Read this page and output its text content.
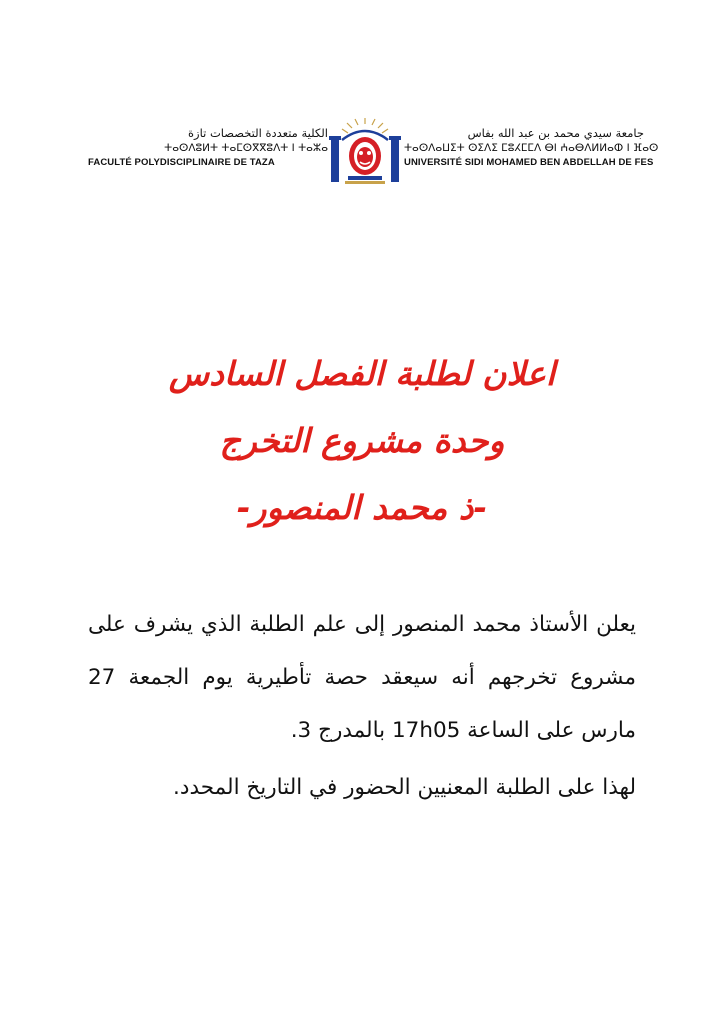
الكلية متعددة التخصصات تازة
ⵜⴰⵙⴷⵓⵍⵜ ⵜⴰⵎⵙⴳⴳⵓⴷⵜ ⵏ ⵜⴰⵣⴰ
FACULTÉ POLYDISCIPLINAIRE DE TAZA
جامعة سيدي محمد بن عبد الله بفاس
ⵜⴰⵙⴷⴰⵡⵉⵜ ⵙⵉⴷⵉ ⵎⵓⵃⵎⵎⴷ ⴱⵏ ⵄⴰⴱⴷⵍⵍⴰⵀ ⵏ ⴼⴰⵙ
UNIVERSITÉ SIDI MOHAMED BEN ABDELLAH DE FES
اعلان لطلبة الفصل السادس
وحدة مشروع التخرج
-ذ محمد المنصور-

يعلن الأستاذ محمد المنصور إلى علم الطلبة الذي يشرف على مشروع تخرجهم أنه سيعقد حصة تأطيرية يوم الجمعة 27 مارس على الساعة 17h05 بالمدرج 3.

لهذا على الطلبة المعنيين الحضور في التاريخ المحدد.
